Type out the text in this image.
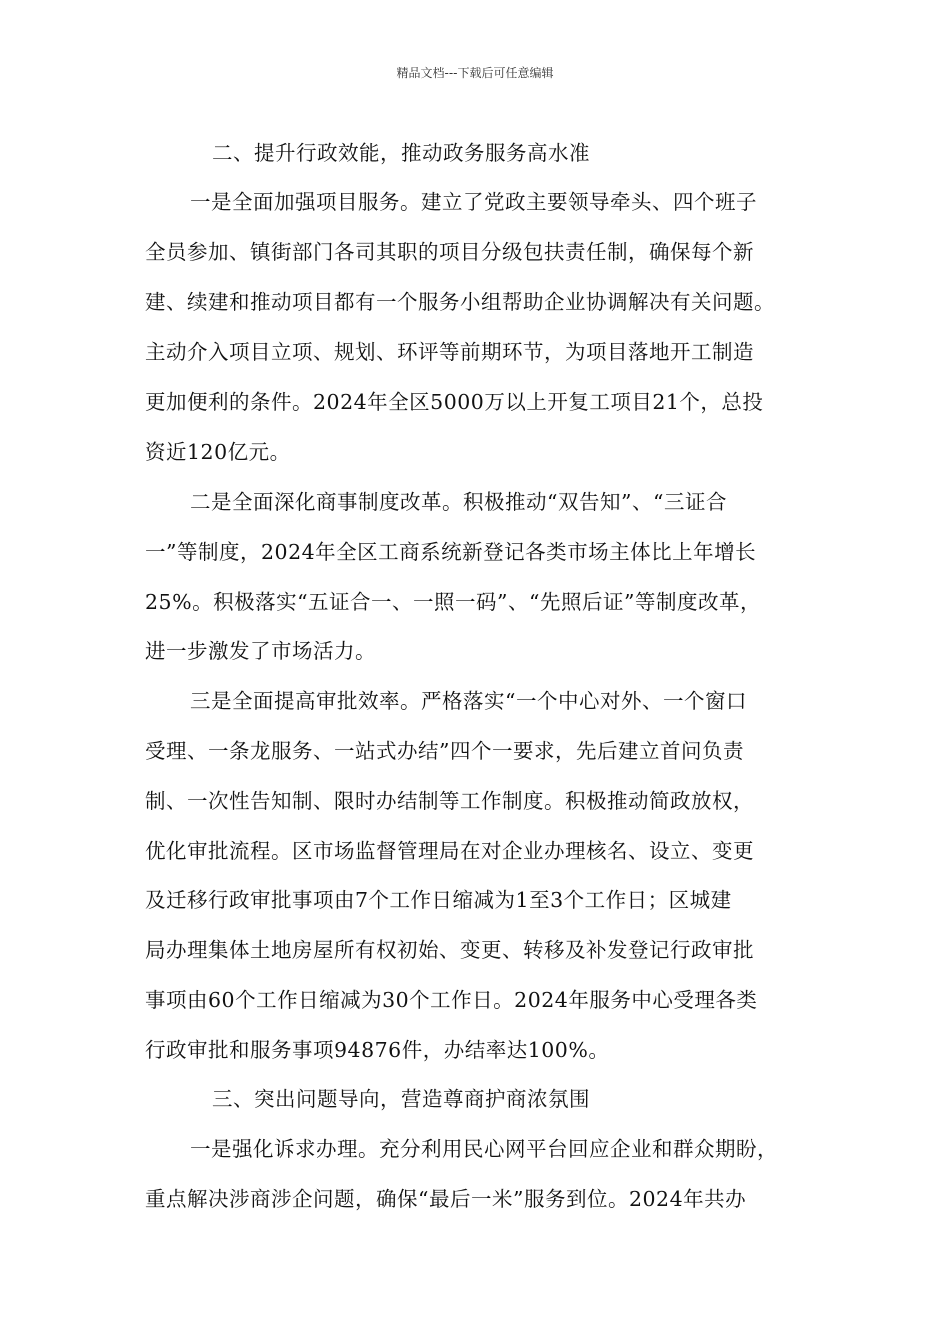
精品文档---下载后可任意编辑
二、提升行政效能，推动政务服务高水准
一是全面加强项目服务。建立了党政主要领导牵头、四个班子
全员参加、镇街部门各司其职的项目分级包扶责任制，确保每个新
建、续建和推动项目都有一个服务小组帮助企业协调解决有关问题。
主动介入项目立项、规划、环评等前期环节，为项目落地开工制造
更加便利的条件。2024年全区5000万以上开复工项目21个，总投
资近120亿元。
二是全面深化商事制度改革。积极推动“双告知”、“三证合
一”等制度，2024年全区工商系统新登记各类市场主体比上年增长
25%。积极落实“五证合一、一照一码”、“先照后证”等制度改革，
进一步激发了市场活力。
三是全面提高审批效率。严格落实“一个中心对外、一个窗口
受理、一条龙服务、一站式办结”四个一要求，先后建立首问负责
制、一次性告知制、限时办结制等工作制度。积极推动简政放权，
优化审批流程。区市场监督管理局在对企业办理核名、设立、变更
及迁移行政审批事项由7个工作日缩减为1至3个工作日；区城建
局办理集体土地房屋所有权初始、变更、转移及补发登记行政审批
事项由60个工作日缩减为30个工作日。2024年服务中心受理各类
行政审批和服务事项94876件，办结率达100%。
三、突出问题导向，营造尊商护商浓氛围
一是强化诉求办理。充分利用民心网平台回应企业和群众期盼，
重点解决涉商涉企问题，确保“最后一米”服务到位。2024年共办
